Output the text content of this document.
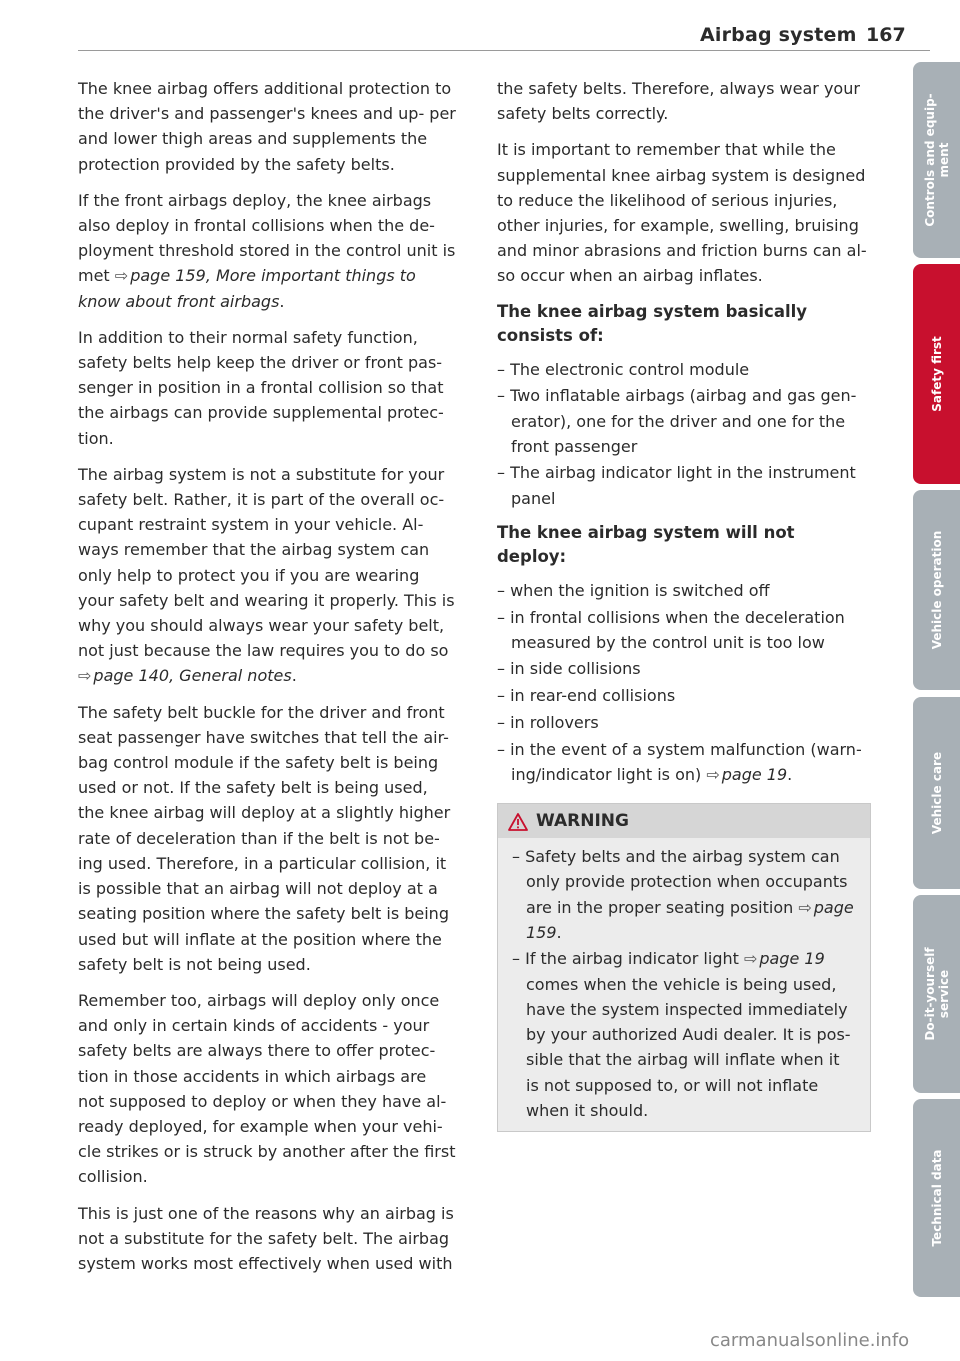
Airbag system 167

The knee airbag offers additional protection to the driver's and passenger's knees and up- per and lower thigh areas and supplements the protection provided by the safety belts.

If the front airbags deploy, the knee airbags also deploy in frontal collisions when the de- ployment threshold stored in the control unit is met ⇨ page 159, More important things to know about front airbags.

In addition to their normal safety function, safety belts help keep the driver or front pas- senger in position in a frontal collision so that the airbags can provide supplemental protec- tion.

The airbag system is not a substitute for your safety belt. Rather, it is part of the overall oc- cupant restraint system in your vehicle. Al- ways remember that the airbag system can only help to protect you if you are wearing your safety belt and wearing it properly. This is why you should always wear your safety belt, not just because the law requires you to do so ⇨ page 140, General notes.

The safety belt buckle for the driver and front seat passenger have switches that tell the air- bag control module if the safety belt is being used or not. If the safety belt is being used, the knee airbag will deploy at a slightly higher rate of deceleration than if the belt is not be- ing used. Therefore, in a particular collision, it is possible that an airbag will not deploy at a seating position where the safety belt is being used but will inflate at the position where the safety belt is not being used.

Remember too, airbags will deploy only once and only in certain kinds of accidents - your safety belts are always there to offer protec- tion in those accidents in which airbags are not supposed to deploy or when they have al- ready deployed, for example when your vehi- cle strikes or is struck by another after the first collision.

This is just one of the reasons why an airbag is not a substitute for the safety belt. The airbag system works most effectively when used with

the safety belts. Therefore, always wear your safety belts correctly.

It is important to remember that while the supplemental knee airbag system is designed to reduce the likelihood of serious injuries, other injuries, for example, swelling, bruising and minor abrasions and friction burns can al- so occur when an airbag inflates.

The knee airbag system basically consists of:
– The electronic control module
– Two inflatable airbags (airbag and gas gen- erator), one for the driver and one for the front passenger
– The airbag indicator light in the instrument panel
The knee airbag system will not deploy:
– when the ignition is switched off
– in frontal collisions when the deceleration measured by the control unit is too low
– in side collisions
– in rear-end collisions
– in rollovers
– in the event of a system malfunction (warn- ing/indicator light is on) ⇨ page 19.
WARNING
– Safety belts and the airbag system can only provide protection when occupants are in the proper seating position ⇨ page 159.
– If the airbag indicator light ⇨ page 19 comes when the vehicle is being used, have the system inspected immediately by your authorized Audi dealer. It is pos- sible that the airbag will inflate when it is not supposed to, or will not inflate when it should.
Controls and equip-
ment
Safety first
Vehicle operation
Vehicle care
Do-it-yourself
service
Technical data
carmanualsonline.info
